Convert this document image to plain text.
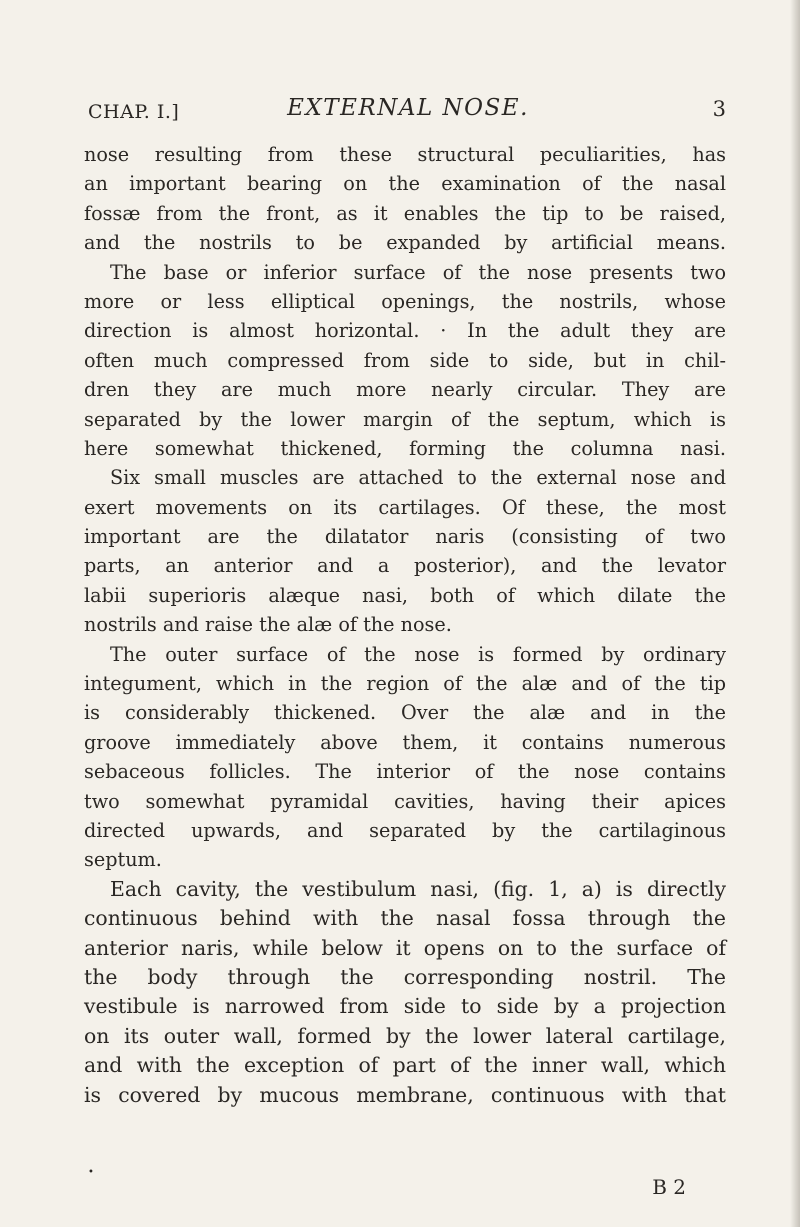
CHAP. I.]	EXTERNAL NOSE.	3
nose resulting from these structural peculiarities, has
an important bearing on the examination of the nasal
fossæ from the front, as it enables the tip to be raised,
and the nostrils to be expanded by artificial means.
The base or inferior surface of the nose presents two
more or less elliptical openings, the nostrils, whose
direction is almost horizontal. · In the adult they are
often much compressed from side to side, but in chil-
dren they are much more nearly circular. They are
separated by the lower margin of the septum, which is
here somewhat thickened, forming the columna nasi.
Six small muscles are attached to the external nose and
exert movements on its cartilages. Of these, the most
important are the dilatator naris (consisting of two
parts, an anterior and a posterior), and the levator
labii superioris alæque nasi, both of which dilate the
nostrils and raise the alæ of the nose.
The outer surface of the nose is formed by ordinary
integument, which in the region of the alæ and of the tip
is considerably thickened. Over the alæ and in the
groove immediately above them, it contains numerous
sebaceous follicles. The interior of the nose contains
two somewhat pyramidal cavities, having their apices
directed upwards, and separated by the cartilaginous
septum.
Each cavity, the vestibulum nasi, (fig. 1, a) is directly
continuous behind with the nasal fossa through the
anterior naris, while below it opens on to the surface of
the body through the corresponding nostril. The
vestibule is narrowed from side to side by a projection
on its outer wall, formed by the lower lateral cartilage,
and with the exception of part of the inner wall, which
is covered by mucous membrane, continuous with that
•
B 2
